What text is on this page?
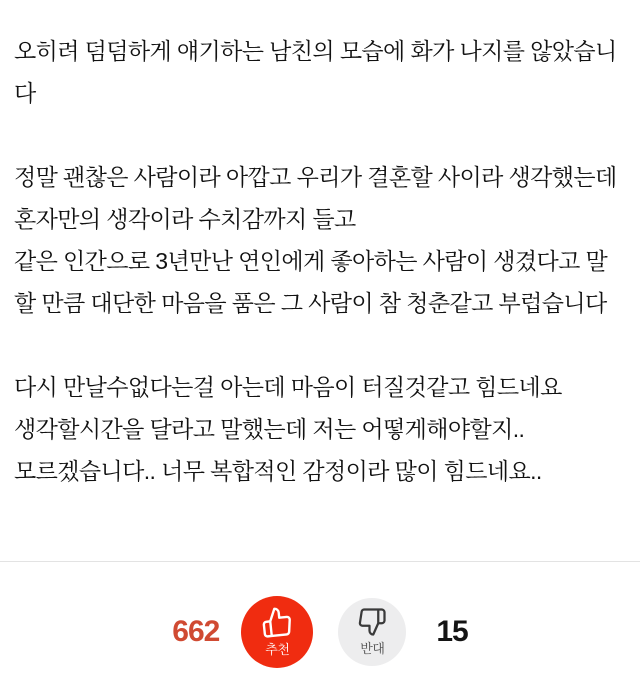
오히려 덤덤하게 얘기하는 남친의 모습에 화가 나지를 않았습니다
정말 괜찮은 사람이라 아깝고 우리가 결혼할 사이라 생각했는데
혼자만의 생각이라 수치감까지 들고
같은 인간으로 3년만난 연인에게 좋아하는 사람이 생겼다고 말할 만큼 대단한 마음을 품은 그 사람이 참 청춘같고 부럽습니다
다시 만날수없다는걸 아는데 마음이 터질것같고 힘드네요
생각할시간을 달라고 말했는데 저는 어떻게해야할지..
모르겠습니다.. 너무 복합적인 감정이라 많이 힘드네요..
662
추천	반대
15
